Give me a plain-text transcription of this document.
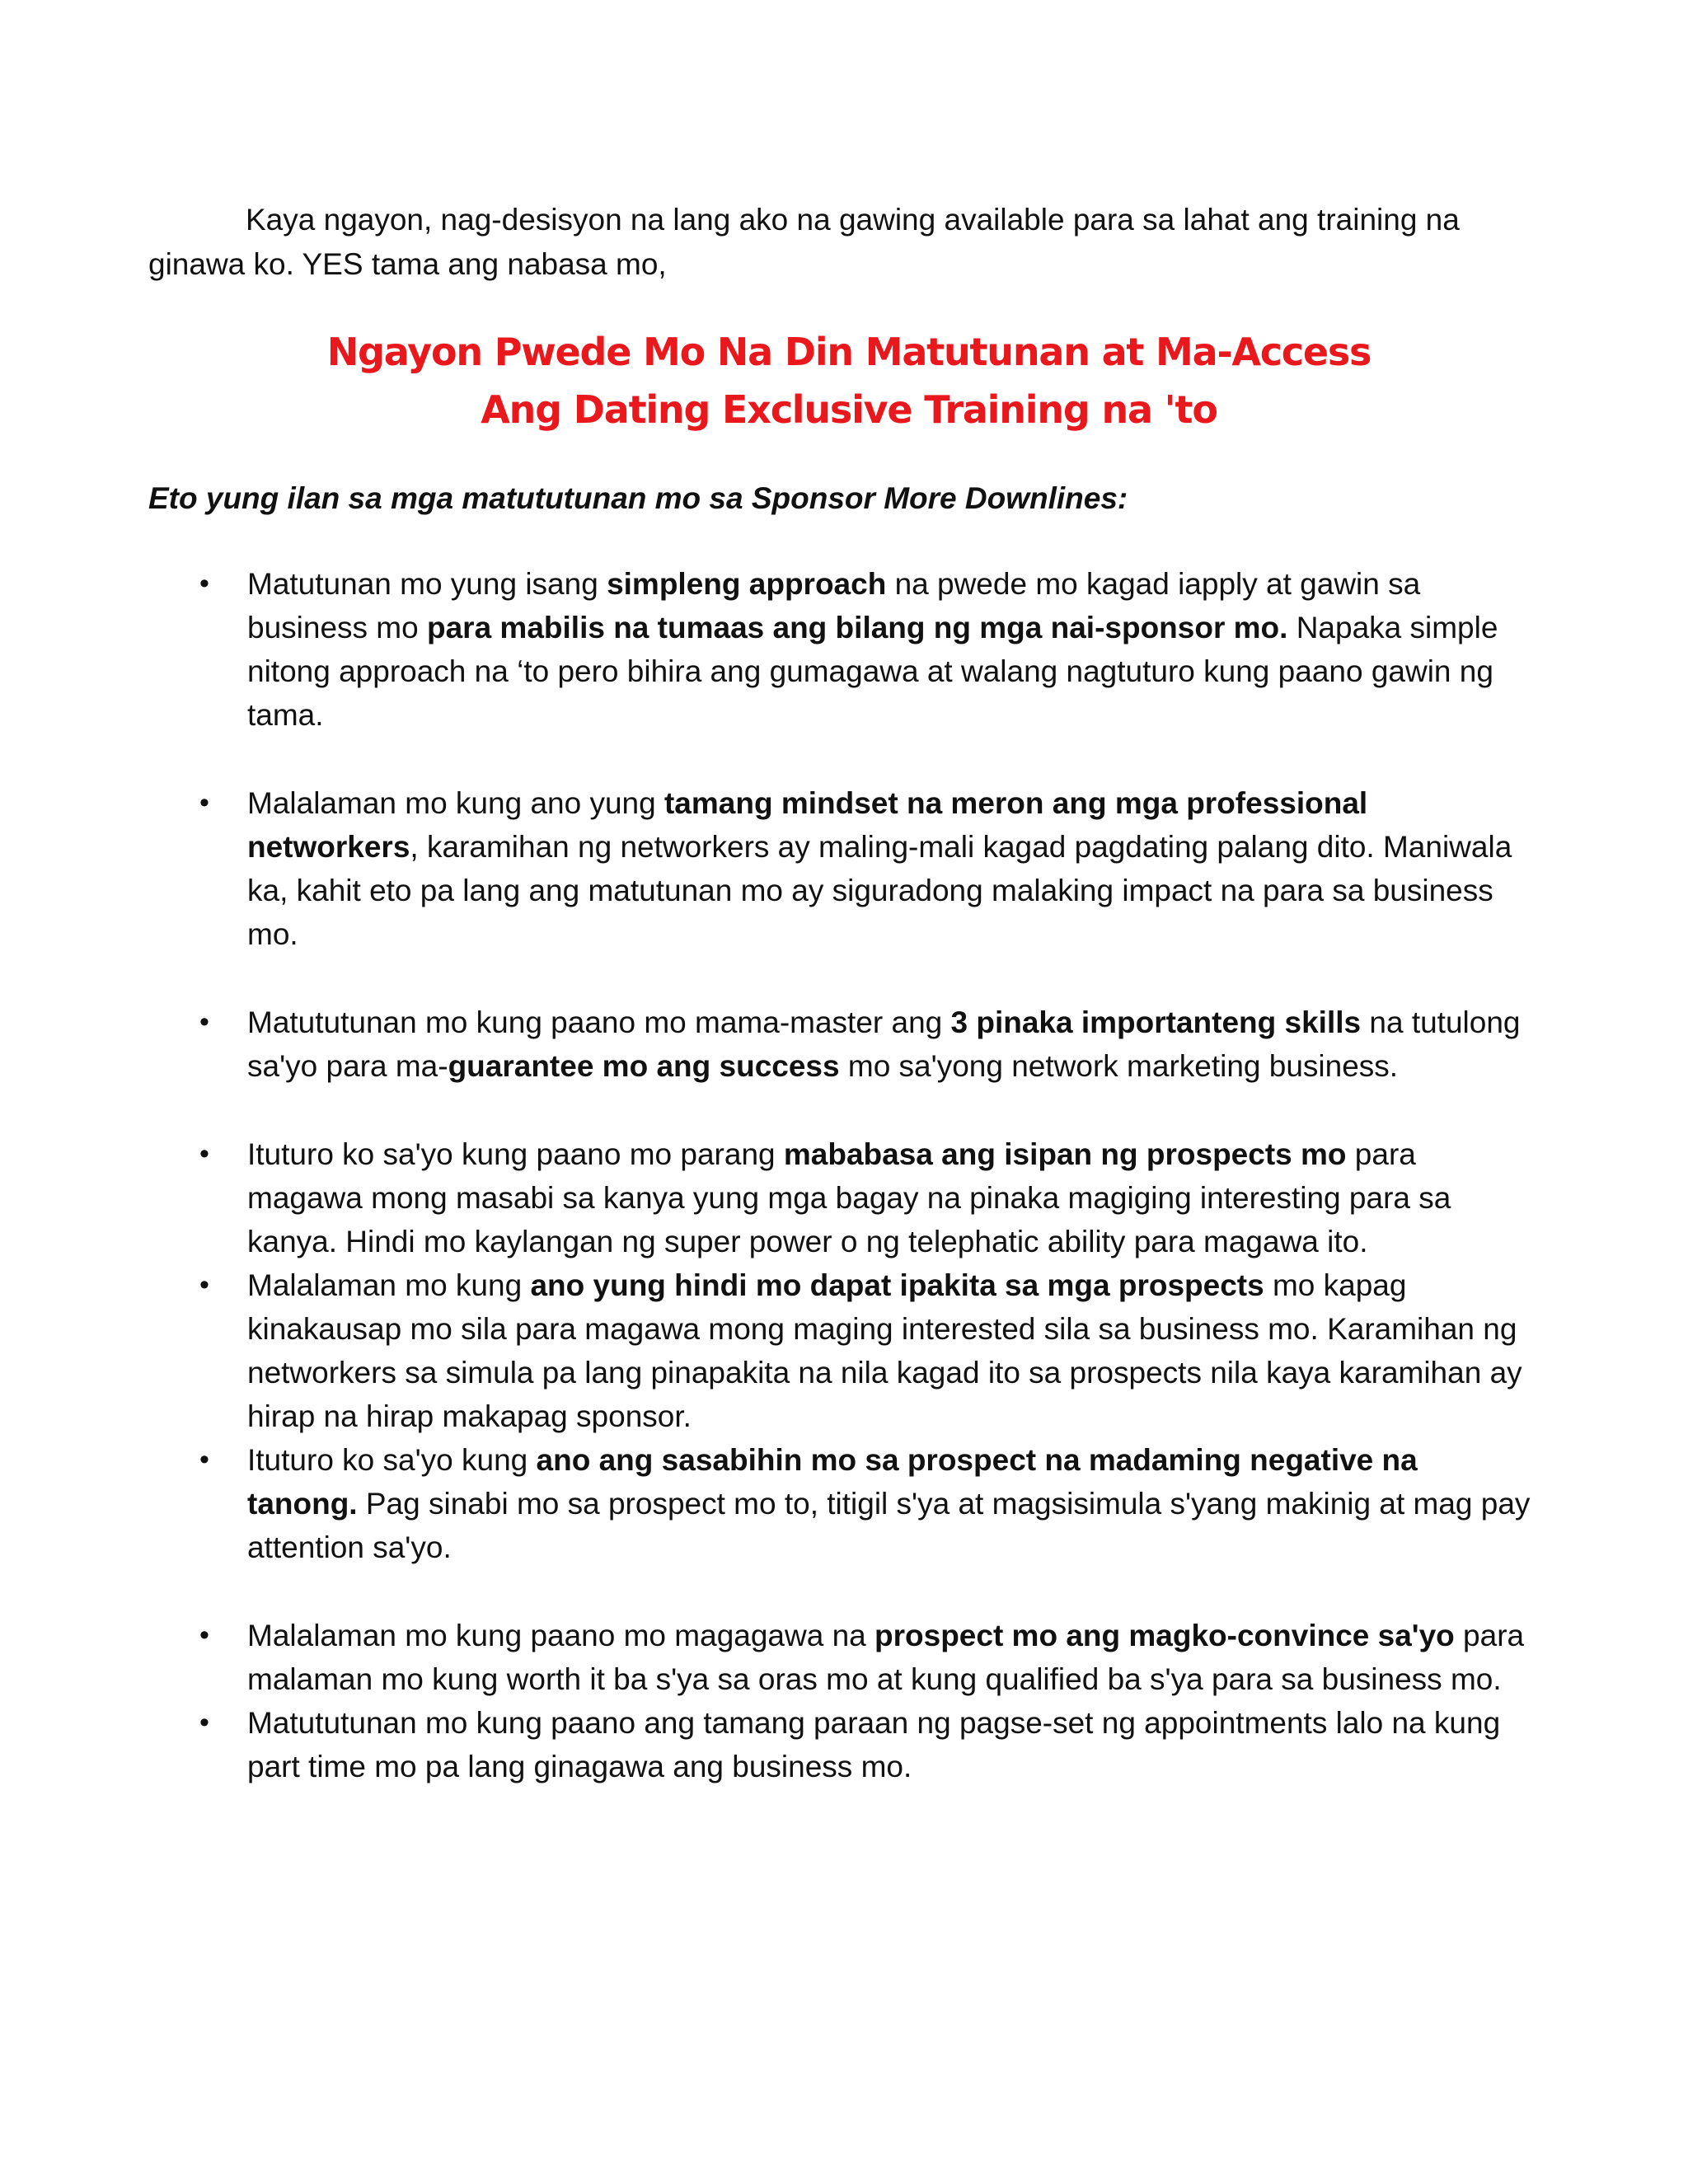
Kaya ngayon, nag-desisyon na lang ako na gawing available para sa lahat ang training na ginawa ko. YES tama ang nabasa mo,

Ngayon Pwede Mo Na Din Matutunan at Ma-Access
Ang Dating Exclusive Training na 'to

Eto yung ilan sa mga matututunan mo sa Sponsor More Downlines:

• Matutunan mo yung isang simpleng approach na pwede mo kagad iapply at gawin sa business mo para mabilis na tumaas ang bilang ng mga nai-sponsor mo. Napaka simple nitong approach na ‘to pero bihira ang gumagawa at walang nagtuturo kung paano gawin ng tama.
• Malalaman mo kung ano yung tamang mindset na meron ang mga professional networkers, karamihan ng networkers ay maling-mali kagad pagdating palang dito. Maniwala ka, kahit eto pa lang ang matutunan mo ay siguradong malaking impact na para sa business mo.
• Matututunan mo kung paano mo mama-master ang 3 pinaka importanteng skills na tutulong sa'yo para ma-guarantee mo ang success mo sa'yong network marketing business.
• Ituturo ko sa'yo kung paano mo parang mababasa ang isipan ng prospects mo para magawa mong masabi sa kanya yung mga bagay na pinaka magiging interesting para sa kanya. Hindi mo kaylangan ng super power o ng telephatic ability para magawa ito.
• Malalaman mo kung ano yung hindi mo dapat ipakita sa mga prospects mo kapag kinakausap mo sila para magawa mong maging interested sila sa business mo. Karamihan ng networkers sa simula pa lang pinapakita na nila kagad ito sa prospects nila kaya karamihan ay hirap na hirap makapag sponsor.
• Ituturo ko sa'yo kung ano ang sasabihin mo sa prospect na madaming negative na tanong. Pag sinabi mo sa prospect mo to, titigil s'ya at magsisimula s'yang makinig at mag pay attention sa'yo.
• Malalaman mo kung paano mo magagawa na prospect mo ang magko-convince sa'yo para malaman mo kung worth it ba s'ya sa oras mo at kung qualified ba s'ya para sa business mo.
• Matututunan mo kung paano ang tamang paraan ng pagse-set ng appointments lalo na kung part time mo pa lang ginagawa ang business mo.
